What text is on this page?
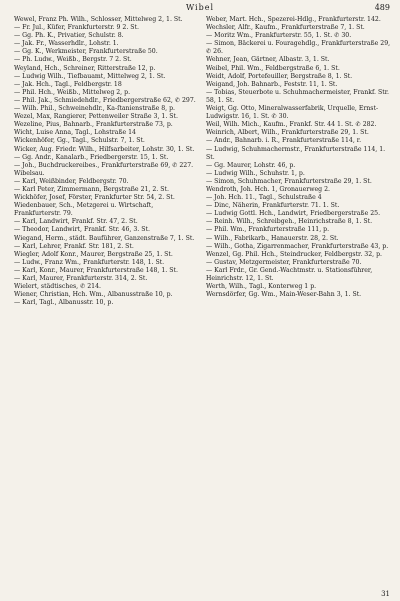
Wibel	489

Wewel, Franz Ph. Wilh., Schlosser, Mittelweg 2, 1. St.

— Fr. Jul., Küfer, Frankfurterstr. 9 2. St.

— Gg. Ph. K., Privatier, Schulstr. 8.

— Jak. Fr., Wasserhdlr., Lohstr. 1.

— Gg. K., Werkmeister, Frankfurterstraße 50.

— Ph. Ludw., Weißb., Bergstr. 7 2. St.

Weyland, Hch., Schreiner, Ritterstraße 12, p.

— Ludwig Wilh., Tiefbauamt, Mittelweg 2, 1. St.

— Jak. Hch., Tagl., Feldbergstr. 18

— Phil. Hch., Weißb., Mittelweg 2, p.

— Phil. Jak., Schmiedehdlr., Friedbergerstraße 62, ✆ 297.

— Wilh. Phil., Schweinehdlr., Ka-ſtanienstraße 8, p.

Wezel, Max, Rangierer, Pettenweiler Straße 3, 1. St.

Wezeline, Pius, Bahnarb., Frankfurterstraße 73, p.

Wicht, Luise Anna, Tagl., Lohstraße 14

Wickenhöfer, Gg., Tagl., Schulstr. 7, 1. St.

Wicker, Aug. Friedr. Wilh., Hilfsarbeiter, Lohstr. 30, 1. St.

— Gg. Andr., Kanalarb., Friedbergerstr. 15, 1. St.

— Joh., Buchdruckereibes., Frankfurterstraße 69, ✆ 227. Wibelsau.

— Karl, Weißbinder, Feldbergstr. 70.

— Karl Peter, Zimmermann, Bergstraße 21, 2. St.

Wickhöfer, Josef, Förster, Frankfurter Str. 54, 2. St.

Wiedenbauer, Sch., Metzgerei u. Wirtschaft, Frankfurterstr. 79.

— Karl, Landwirt, Frankf. Str. 47, 2. St.

— Theodor, Landwirt, Frankf. Str. 46, 3. St.

Wiegand, Herm., städt. Bauführer, Ganzenstraße 7, 1. St.

— Karl, Lehrer, Frankf. Str. 181, 2. St.

Wiegler, Adolf Konr., Maurer, Bergstraße 25, 1. St.

— Ludw., Franz Wm., Frankfurterstr. 148, 1. St.

— Karl, Konr., Maurer, Frankfurterstraße 148, 1. St.

— Karl, Maurer, Frankfurterstr. 314, 2. St.

Wielert, städtisches, ✆ 214.

Wiener, Christian, Hch. Wm., Albanusstraße 10, p.

— Karl, Tagl., Albanusstr. 10, p.

Weber, Mart. Hch., Spezerei-Hdlg., Frankfurterstr. 142.

Wechsler, Alfr., Kaufm., Frankfurterstraße 7, 1. St.

— Moritz Wm., Frankfurterstr. 55, 1. St. ✆ 30.

— Simon, Bäckerei u. Fouragehdlg., Frankfurterstraße 29, ✆ 26.

Wehner, Jean, Gärtner, Albastr. 3, 1. St.

Weibel, Phil. Wm., Feldbergstraße 6, 1. St.

Weidt, Adolf, Portefeuiller, Bergstraße 8, 1. St.

Weigand, Joh. Bahnarb., Feststr. 11, 1. St.

— Tobias, Steuerbote u. Schuhmachermeister, Frankf. Str. 58, 1. St.

Weigt, Gg. Otto, Mineralwasserfabrik, Urquelle, Ernst-Ludwigstr. 16, 1. St. ✆ 30.

Weil, Wilh. Mich., Kaufm., Frankf. Str. 44 1. St. ✆ 282.

Weinrich, Albert, Wilh., Frankfurterstraße 29, 1. St.

— Andr., Bahnarb. i. R., Frankfurterstraße 114, r.

— Ludwig, Schuhmachermstr., Frankfurterstraße 114, 1. St.

— Gg. Maurer, Lohstr. 46, p.

— Ludwig Wilh., Schuhstr. 1, p.

— Simon, Schuhmacher, Frankfurterstraße 29, 1. St.

Wendroth, Joh. Hch. 1, Gronauerweg 2.

— Joh. Hch. 11., Tagl., Schulstraße 4

— Dinc, Näherin, Frankfurterstr. 71. 1. St.

— Ludwig Gottl. Hch., Landwirt, Friedbergerstraße 25.

— Reinh. Wilh., Schreibgeh., Heinrichstraße 8, 1. St.

— Phil. Wm., Frankfurterstraße 111, p.

— Wilh., Fabrikarb., Hanauerstr. 28, 2. St.

— Wilh., Gotha, Zigarrenmacher, Frankfurterstraße 43, p.

Wenzel, Gg. Phil. Hch., Steindrucker, Feldbergstr. 32, p.

— Gustav, Metzgermeister, Frankfurterstraße 70.

— Karl Frdr., Gr. Gend.-Wachtmstr. u. Stationsführer, Heinrichstr. 12, 1. St.

Werth, Wilh., Tagl., Konterweg 1 p.

Wernsdörfer, Gg. Wm., Main-Weser-Bahn 3, 1. St.

31
